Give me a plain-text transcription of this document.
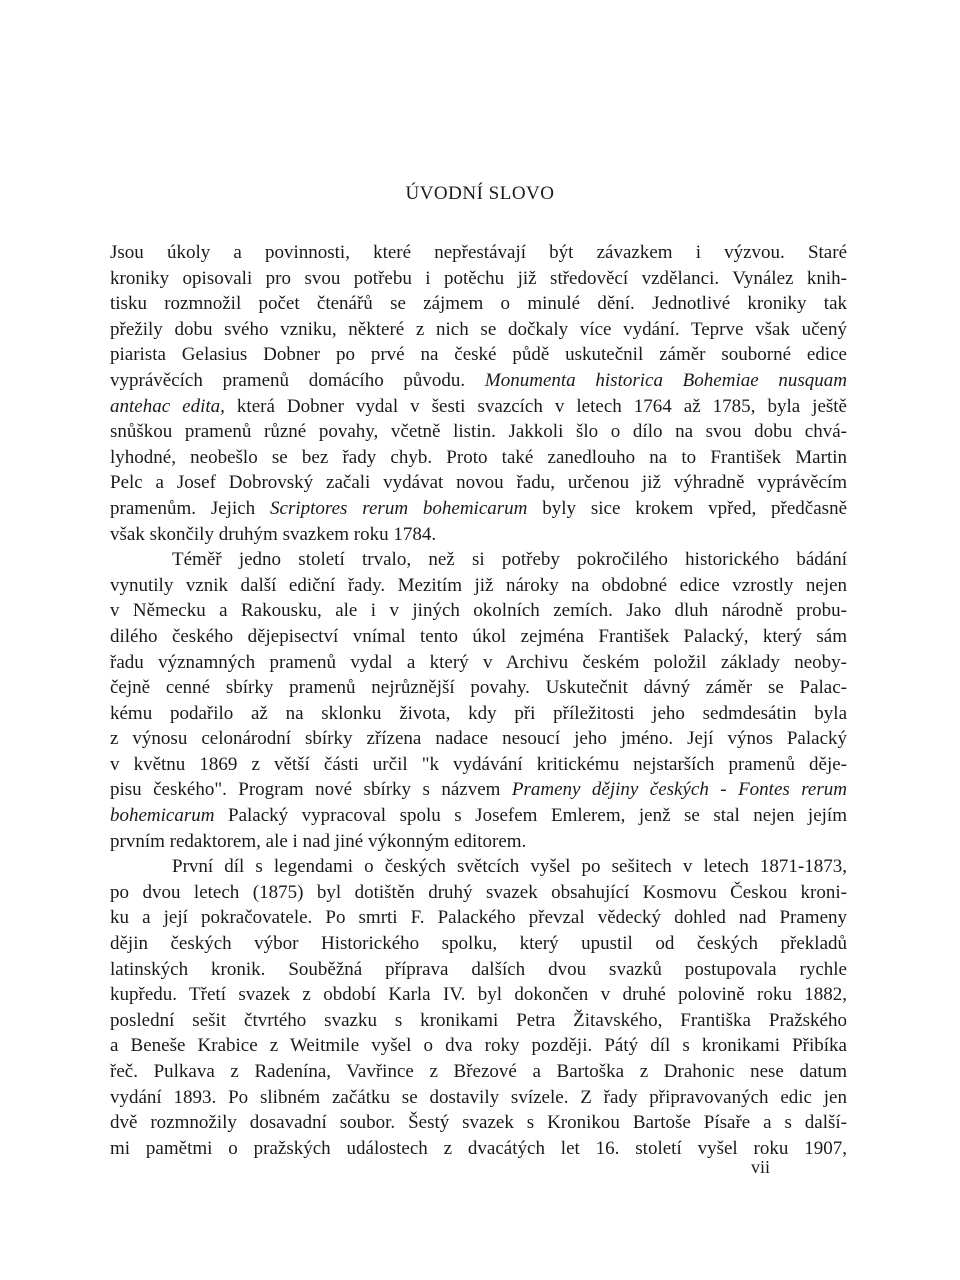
ÚVODNÍ SLOVO

Jsou úkoly a povinnosti, které nepřestávají být závazkem i výzvou. Staré

kroniky opisovali pro svou potřebu i potěchu již středověcí vzdělanci. Vynález knih-

tisku rozmnožil počet čtenářů se zájmem o minulé dění. Jednotlivé kroniky tak

přežily dobu svého vzniku, některé z nich se dočkaly více vydání. Teprve však učený

piarista Gelasius Dobner po prvé na české půdě uskutečnil záměr souborné edice

vyprávěcích pramenů domácího původu. Monumenta historica Bohemiae nusquam

antehac edita, která Dobner vydal v šesti svazcích v letech 1764 až 1785, byla ještě

snůškou pramenů různé povahy, včetně listin. Jakkoli šlo o dílo na svou dobu chvá-

lyhodné, neobešlo se bez řady chyb. Proto také zanedlouho na to František Martin

Pelc a Josef Dobrovský začali vydávat novou řadu, určenou již výhradně vyprávěcím

pramenům. Jejich Scriptores rerum bohemicarum byly sice krokem vpřed, předčasně

však skončily druhým svazkem roku 1784.

Téměř jedno století trvalo, než si potřeby pokročilého historického bádání

vynutily vznik další ediční řady. Mezitím již nároky na obdobné edice vzrostly nejen

v Německu a Rakousku, ale i v jiných okolních zemích. Jako dluh národně probu-

dilého českého dějepisectví vnímal tento úkol zejména František Palacký, který sám

řadu významných pramenů vydal a který v Archivu českém položil základy neoby-

čejně cenné sbírky pramenů nejrůznější povahy. Uskutečnit dávný záměr se Palac-

kému podařilo až na sklonku života, kdy při příležitosti jeho sedmdesátin byla

z výnosu celonárodní sbírky zřízena nadace nesoucí jeho jméno. Její výnos Palacký

v květnu 1869 z větší části určil "k vydávání kritickému nejstarších pramenů děje-

pisu českého". Program nové sbírky s názvem Prameny dějiny českých - Fontes rerum

bohemicarum Palacký vypracoval spolu s Josefem Emlerem, jenž se stal nejen jejím

prvním redaktorem, ale i nad jiné výkonným editorem.

První díl s legendami o českých světcích vyšel po sešitech v letech 1871-1873,

po dvou letech (1875) byl dotištěn druhý svazek obsahující Kosmovu Českou kroni-

ku a její pokračovatele. Po smrti F. Palackého převzal vědecký dohled nad Prameny

dějin českých výbor Historického spolku, který upustil od českých překladů

latinských kronik. Souběžná příprava dalších dvou svazků postupovala rychle

kupředu. Třetí svazek z období Karla IV. byl dokončen v druhé polovině roku 1882,

poslední sešit čtvrtého svazku s kronikami Petra Žitavského, Františka Pražského

a Beneše Krabice z Weitmile vyšel o dva roky později. Pátý díl s kronikami Přibíka

řeč. Pulkava z Radenína, Vavřince z Březové a Bartoška z Drahonic nese datum

vydání 1893. Po slibném začátku se dostavily svízele. Z řady připravovaných edic jen

dvě rozmnožily dosavadní soubor. Šestý svazek s Kronikou Bartoše Písaře a s další-

mi pamětmi o pražských událostech z dvacátých let 16. století vyšel roku 1907,

vii
